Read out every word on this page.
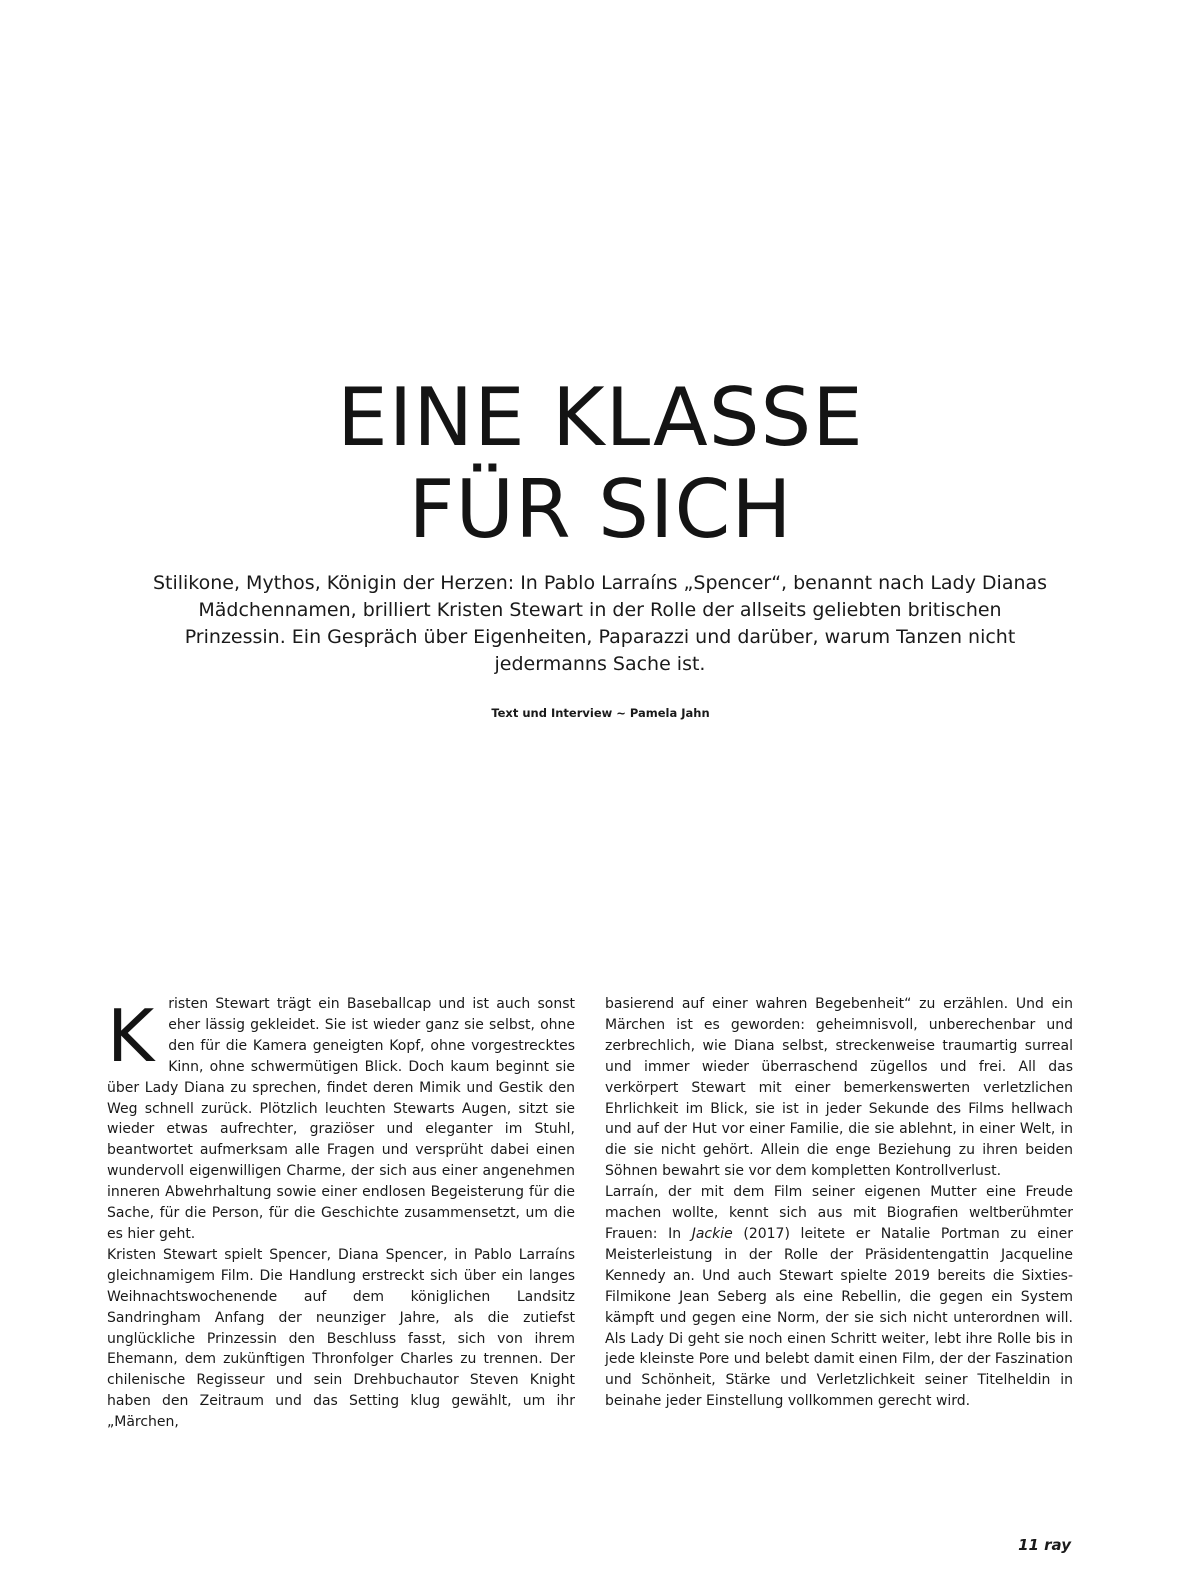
EINE KLASSE
FÜR SICH

Stilikone, Mythos, Königin der Herzen: In Pablo Larraíns „Spencer“, benannt nach Lady Dianas Mädchennamen, brilliert Kristen Stewart in der Rolle der allseits geliebten britischen Prinzessin. Ein Gespräch über Eigenheiten, Paparazzi und darüber, warum Tanzen nicht jedermanns Sache ist.

Text und Interview ~ Pamela Jahn

K risten Stewart trägt ein Baseballcap und ist auch sonst eher lässig gekleidet. Sie ist wieder ganz sie selbst, ohne den für die Kamera geneigten Kopf, ohne vorgestrecktes Kinn, ohne schwermütigen Blick. Doch kaum beginnt sie über Lady Diana zu sprechen, findet deren Mimik und Gestik den Weg schnell zurück. Plötzlich leuchten Stewarts Augen, sitzt sie wieder etwas aufrechter, graziöser und eleganter im Stuhl, beantwortet aufmerksam alle Fragen und versprüht dabei einen wundervoll eigenwilligen Charme, der sich aus einer angenehmen inneren Abwehrhaltung sowie einer endlosen Begeisterung für die Sache, für die Person, für die Geschichte zusammensetzt, um die es hier geht.

Kristen Stewart spielt Spencer, Diana Spencer, in Pablo Larraíns gleichnamigem Film. Die Handlung erstreckt sich über ein langes Weihnachtswochenende auf dem königlichen Landsitz Sandringham Anfang der neunziger Jahre, als die zutiefst unglückliche Prinzessin den Beschluss fasst, sich von ihrem Ehemann, dem zukünftigen Thronfolger Charles zu trennen. Der chilenische Regisseur und sein Drehbuchautor Steven Knight haben den Zeitraum und das Setting klug gewählt, um ihr „Märchen,

basierend auf einer wahren Begebenheit“ zu erzählen. Und ein Märchen ist es geworden: geheimnisvoll, unberechenbar und zerbrechlich, wie Diana selbst, streckenweise traumartig surreal und immer wieder überraschend zügellos und frei. All das verkörpert Stewart mit einer bemerkenswerten verletzlichen Ehrlichkeit im Blick, sie ist in jeder Sekunde des Films hellwach und auf der Hut vor einer Familie, die sie ablehnt, in einer Welt, in die sie nicht gehört. Allein die enge Beziehung zu ihren beiden Söhnen bewahrt sie vor dem kompletten Kontrollverlust.

Larraín, der mit dem Film seiner eigenen Mutter eine Freude machen wollte, kennt sich aus mit Biografien weltberühmter Frauen: In Jackie (2017) leitete er Natalie Portman zu einer Meisterleistung in der Rolle der Präsidentengattin Jacqueline Kennedy an. Und auch Stewart spielte 2019 bereits die Sixties-Filmikone Jean Seberg als eine Rebellin, die gegen ein System kämpft und gegen eine Norm, der sie sich nicht unterordnen will. Als Lady Di geht sie noch einen Schritt weiter, lebt ihre Rolle bis in jede kleinste Pore und belebt damit einen Film, der der Faszination und Schönheit, Stärke und Verletzlichkeit seiner Titelheldin in beinahe jeder Einstellung vollkommen gerecht wird.

11 ray
